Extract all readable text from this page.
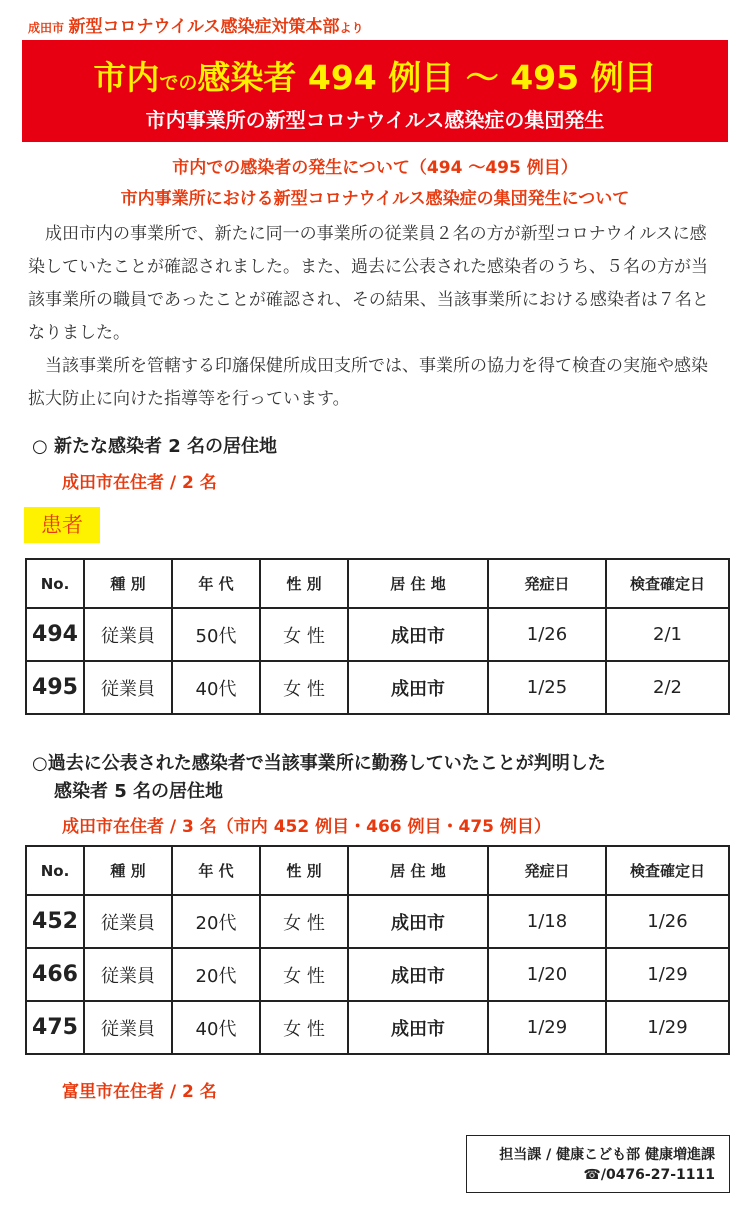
成田市 新型コロナウイルス感染症対策本部より
市内での感染者 494 例目 ～ 495 例目
市内事業所の新型コロナウイルス感染症の集団発生
市内での感染者の発生について（494 ～495 例目）
市内事業所における新型コロナウイルス感染症の集団発生について
成田市内の事業所で、新たに同一の事業所の従業員２名の方が新型コロナウイルスに感染していたことが確認されました。また、過去に公表された感染者のうち、５名の方が当該事業所の職員であったことが確認され、その結果、当該事業所における感染者は７名となりました。
当該事業所を管轄する印旛保健所成田支所では、事業所の協力を得て検査の実施や感染拡大防止に向けた指導等を行っています。
○ 新たな感染者 2 名の居住地
成田市在住者 / 2 名
患者
No.	種 別	年 代	性 別	居 住 地	発症日	検査確定日
494	従業員	50代	女 性	成田市	1/26	2/1
495	従業員	40代	女 性	成田市	1/25	2/2
○過去に公表された感染者で当該事業所に勤務していたことが判明した
感染者 5 名の居住地
成田市在住者 / 3 名（市内 452 例目・466 例目・475 例目）
No.	種 別	年 代	性 別	居 住 地	発症日	検査確定日
452	従業員	20代	女 性	成田市	1/18	1/26
466	従業員	20代	女 性	成田市	1/20	1/29
475	従業員	40代	女 性	成田市	1/29	1/29
富里市在住者 / 2 名
担当課 / 健康こども部 健康増進課
☎/0476-27-1111
